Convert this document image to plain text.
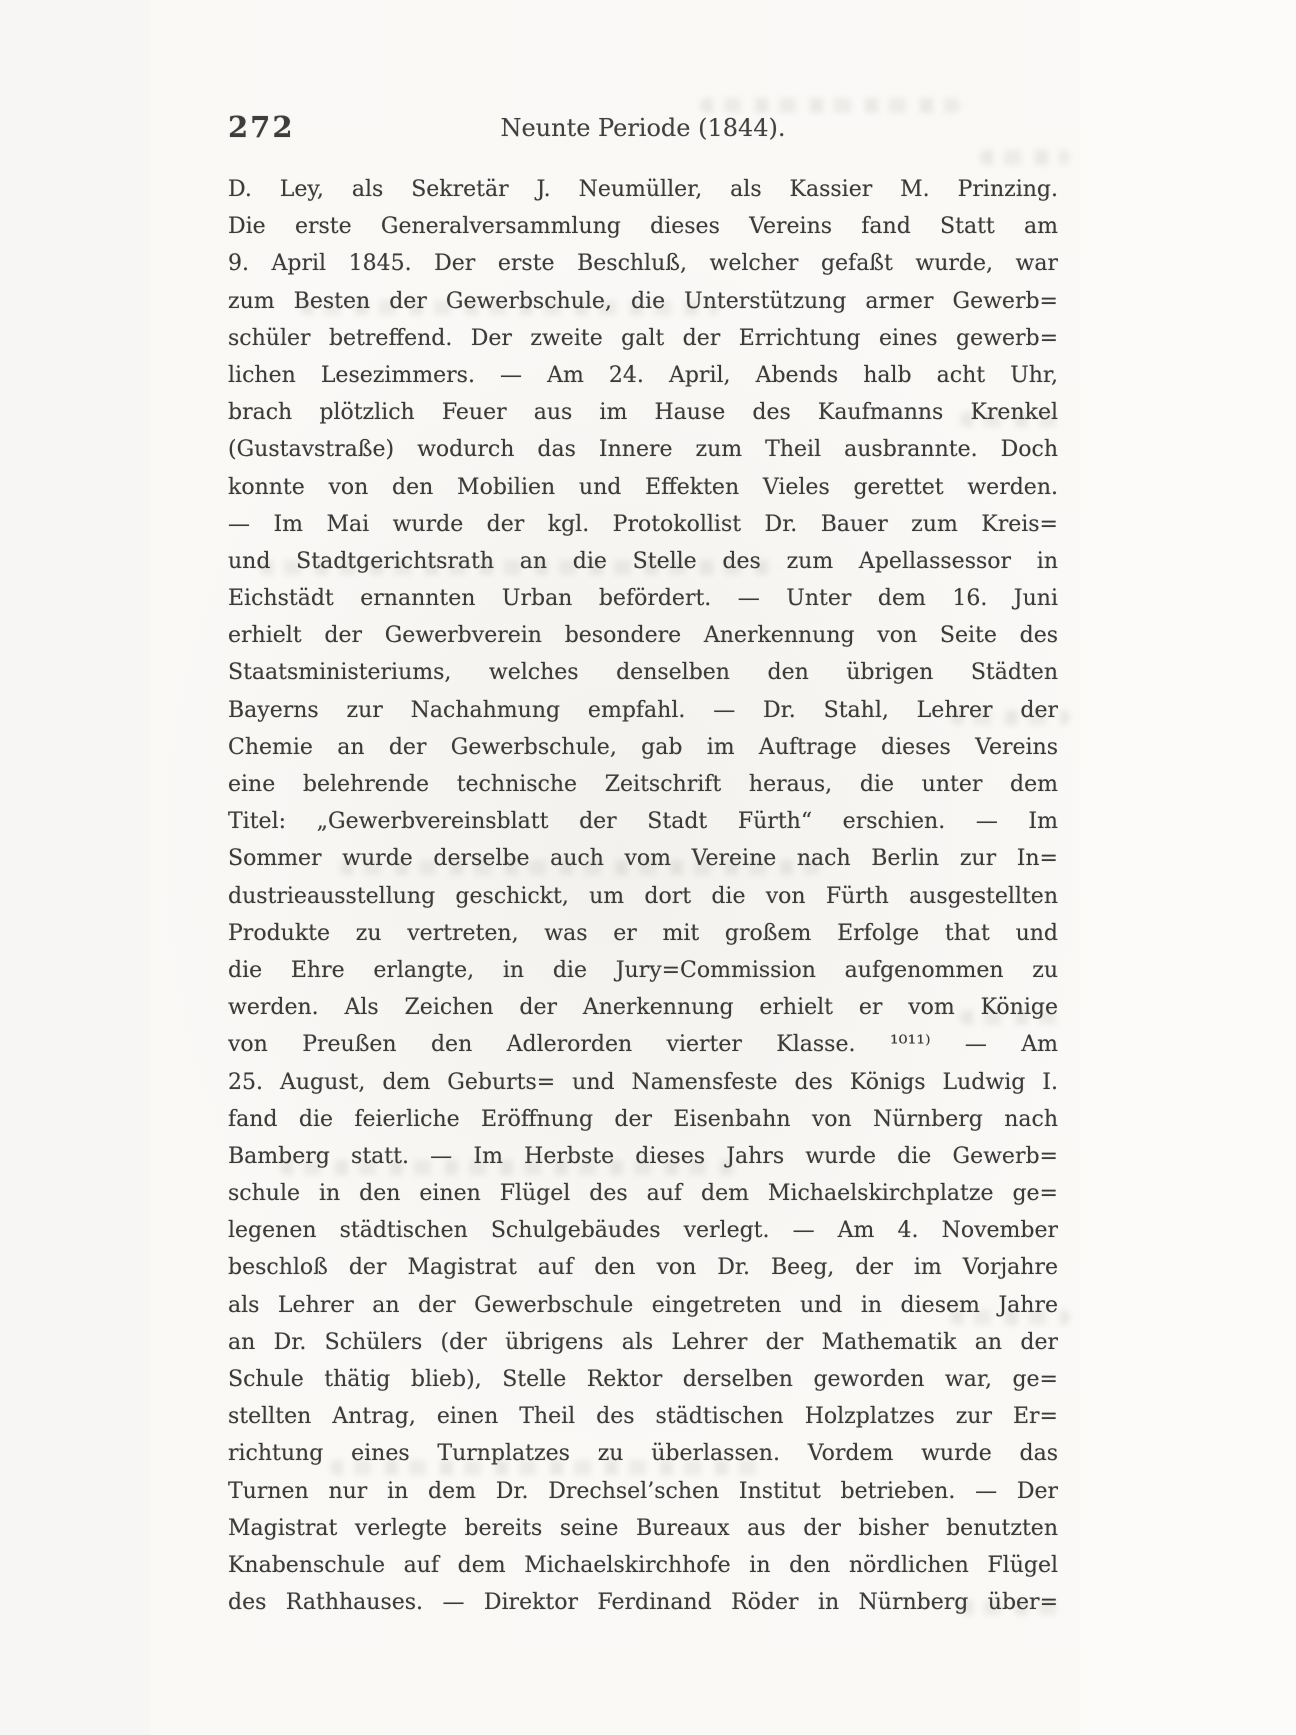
272	Neunte Periode (1844).
D. Ley, als Sekretär J. Neumüller, als Kassier M. Prinzing.
Die erste Generalversammlung dieses Vereins fand Statt am
9. April 1845. Der erste Beschluß, welcher gefaßt wurde, war
zum Besten der Gewerbschule, die Unterstützung armer Gewerb=
schüler betreffend. Der zweite galt der Errichtung eines gewerb=
lichen Lesezimmers. — Am 24. April, Abends halb acht Uhr,
brach plötzlich Feuer aus im Hause des Kaufmanns Krenkel
(Gustavstraße) wodurch das Innere zum Theil ausbrannte. Doch
konnte von den Mobilien und Effekten Vieles gerettet werden.
— Im Mai wurde der kgl. Protokollist Dr. Bauer zum Kreis=
und Stadtgerichtsrath an die Stelle des zum Apellassessor in
Eichstädt ernannten Urban befördert. — Unter dem 16. Juni
erhielt der Gewerbverein besondere Anerkennung von Seite des
Staatsministeriums, welches denselben den übrigen Städten
Bayerns zur Nachahmung empfahl. — Dr. Stahl, Lehrer der
Chemie an der Gewerbschule, gab im Auftrage dieses Vereins
eine belehrende technische Zeitschrift heraus, die unter dem
Titel: „Gewerbvereinsblatt der Stadt Fürth“ erschien. — Im
Sommer wurde derselbe auch vom Vereine nach Berlin zur In=
dustrieausstellung geschickt, um dort die von Fürth ausgestellten
Produkte zu vertreten, was er mit großem Erfolge that und
die Ehre erlangte, in die Jury=Commission aufgenommen zu
werden. Als Zeichen der Anerkennung erhielt er vom Könige
von Preußen den Adlerorden vierter Klasse. ¹⁰¹¹⁾ — Am
25. August, dem Geburts= und Namensfeste des Königs Ludwig I.
fand die feierliche Eröffnung der Eisenbahn von Nürnberg nach
Bamberg statt. — Im Herbste dieses Jahrs wurde die Gewerb=
schule in den einen Flügel des auf dem Michaelskirchplatze ge=
legenen städtischen Schulgebäudes verlegt. — Am 4. November
beschloß der Magistrat auf den von Dr. Beeg, der im Vorjahre
als Lehrer an der Gewerbschule eingetreten und in diesem Jahre
an Dr. Schülers (der übrigens als Lehrer der Mathematik an der
Schule thätig blieb), Stelle Rektor derselben geworden war, ge=
stellten Antrag, einen Theil des städtischen Holzplatzes zur Er=
richtung eines Turnplatzes zu überlassen. Vordem wurde das
Turnen nur in dem Dr. Drechsel’schen Institut betrieben. — Der
Magistrat verlegte bereits seine Bureaux aus der bisher benutzten
Knabenschule auf dem Michaelskirchhofe in den nördlichen Flügel
des Rathhauses. — Direktor Ferdinand Röder in Nürnberg über=
